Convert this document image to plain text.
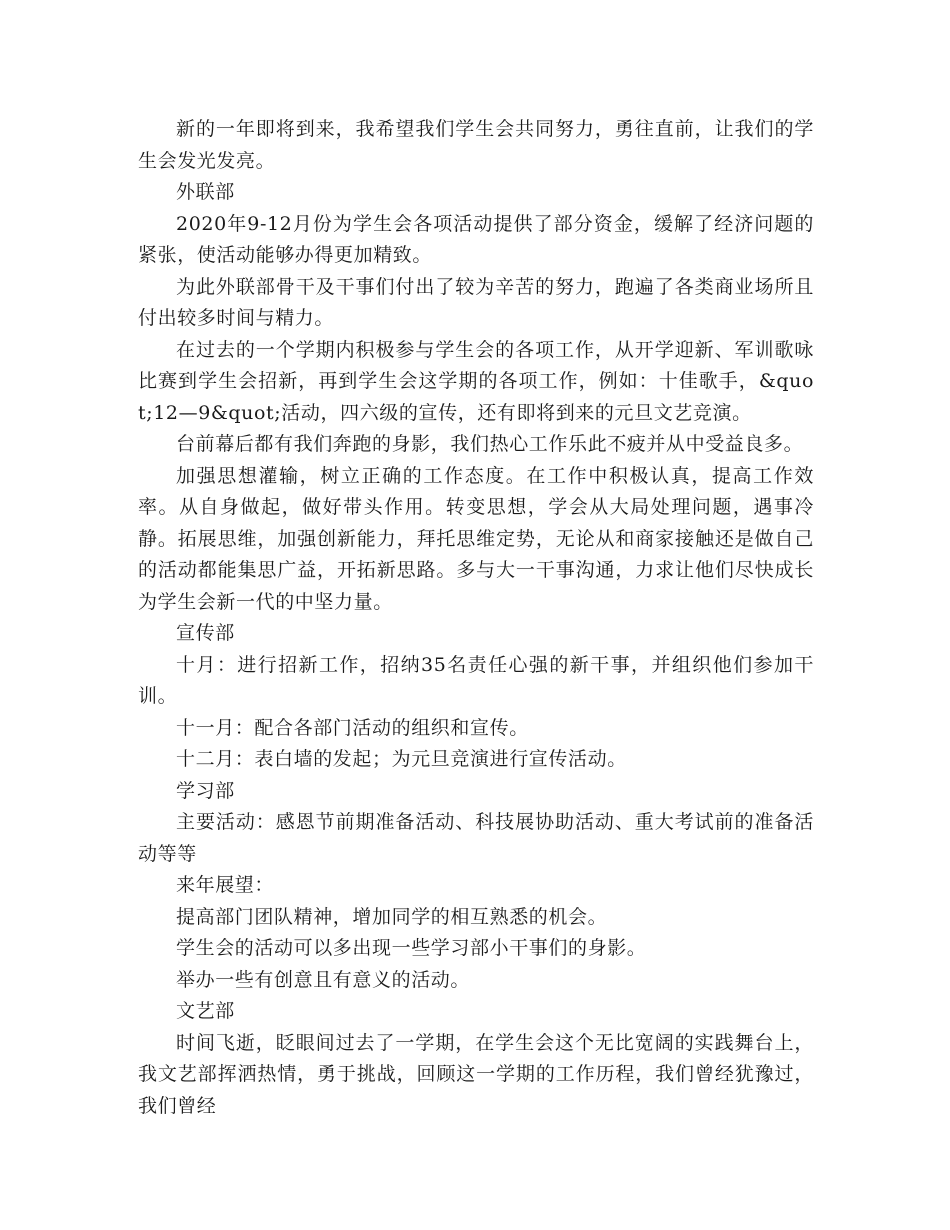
新的一年即将到来，我希望我们学生会共同努力，勇往直前，让我们的学生会发光发亮。

外联部

2020年9-12月份为学生会各项活动提供了部分资金，缓解了经济问题的紧张，使活动能够办得更加精致。

为此外联部骨干及干事们付出了较为辛苦的努力，跑遍了各类商业场所且付出较多时间与精力。

在过去的一个学期内积极参与学生会的各项工作，从开学迎新、军训歌咏比赛到学生会招新，再到学生会这学期的各项工作，例如：十佳歌手，&quot;12—9&quot;活动，四六级的宣传，还有即将到来的元旦文艺竞演。

台前幕后都有我们奔跑的身影，我们热心工作乐此不疲并从中受益良多。

加强思想灌输，树立正确的工作态度。在工作中积极认真，提高工作效率。从自身做起，做好带头作用。转变思想，学会从大局处理问题，遇事冷静。拓展思维，加强创新能力，拜托思维定势，无论从和商家接触还是做自己的活动都能集思广益，开拓新思路。多与大一干事沟通，力求让他们尽快成长为学生会新一代的中坚力量。

宣传部

十月：进行招新工作，招纳35名责任心强的新干事，并组织他们参加干训。

十一月：配合各部门活动的组织和宣传。

十二月：表白墙的发起；为元旦竞演进行宣传活动。

学习部

主要活动：感恩节前期准备活动、科技展协助活动、重大考试前的准备活动等等

来年展望：

提高部门团队精神，增加同学的相互熟悉的机会。

学生会的活动可以多出现一些学习部小干事们的身影。

举办一些有创意且有意义的活动。

文艺部

时间飞逝，眨眼间过去了一学期，在学生会这个无比宽阔的实践舞台上，我文艺部挥洒热情，勇于挑战，回顾这一学期的工作历程，我们曾经犹豫过，我们曾经
